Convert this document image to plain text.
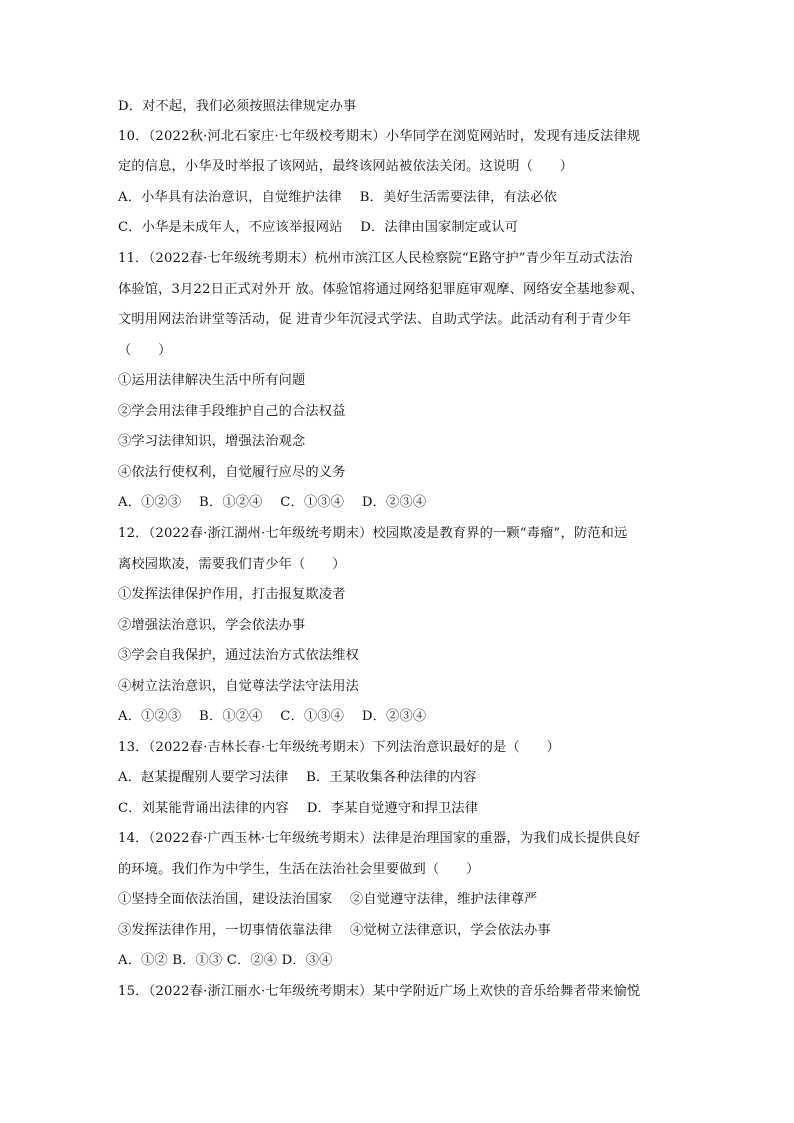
D．对不起，我们必须按照法律规定办事
10．（2022秋·河北石家庄·七年级校考期末）小华同学在浏览网站时，发现有违反法律规
定的信息，小华及时举报了该网站，最终该网站被依法关闭。这说明（　　）
A．小华具有法治意识，自觉维护法律　 B．美好生活需要法律，有法必依
C．小华是未成年人，不应该举报网站　 D．法律由国家制定或认可
11．（2022春·七年级统考期末）杭州市滨江区人民检察院“E路守护”青少年互动式法治
体验馆，3月22日正式对外开 放。体验馆将通过网络犯罪庭审观摩、网络安全基地参观、
文明用网法治讲堂等活动，促 进青少年沉浸式学法、自助式学法。此活动有利于青少年
（　　）
①运用法律解决生活中所有问题
②学会用法律手段维护自己的合法权益
③学习法律知识，增强法治观念
④依法行使权利，自觉履行应尽的义务
A．①②③　 B．①②④　 C．①③④　 D．②③④
12．（2022春·浙江湖州·七年级统考期末）校园欺凌是教育界的一颗“毒瘤”，防范和远
离校园欺凌，需要我们青少年（　　）
①发挥法律保护作用，打击报复欺凌者
②增强法治意识，学会依法办事
③学会自我保护，通过法治方式依法维权
④树立法治意识，自觉尊法学法守法用法
A．①②③　 B．①②④　 C．①③④　 D．②③④
13．（2022春·吉林长春·七年级统考期末）下列法治意识最好的是（　　）
A．赵某提醒别人要学习法律　 B．王某收集各种法律的内容
C．刘某能背诵出法律的内容　 D．李某自觉遵守和捍卫法律
14．（2022春·广西玉林·七年级统考期末）法律是治理国家的重器，为我们成长提供良好
的环境。我们作为中学生，生活在法治社会里要做到（　　）
①坚持全面依法治国，建设法治国家　 ②自觉遵守法律，维护法律尊严
③发挥法律作用，一切事情依靠法律　 ④觉树立法律意识，学会依法办事
A．①② B．①③ C．②④ D．③④
15．（2022春·浙江丽水·七年级统考期末）某中学附近广场上欢快的音乐给舞者带来愉悦
